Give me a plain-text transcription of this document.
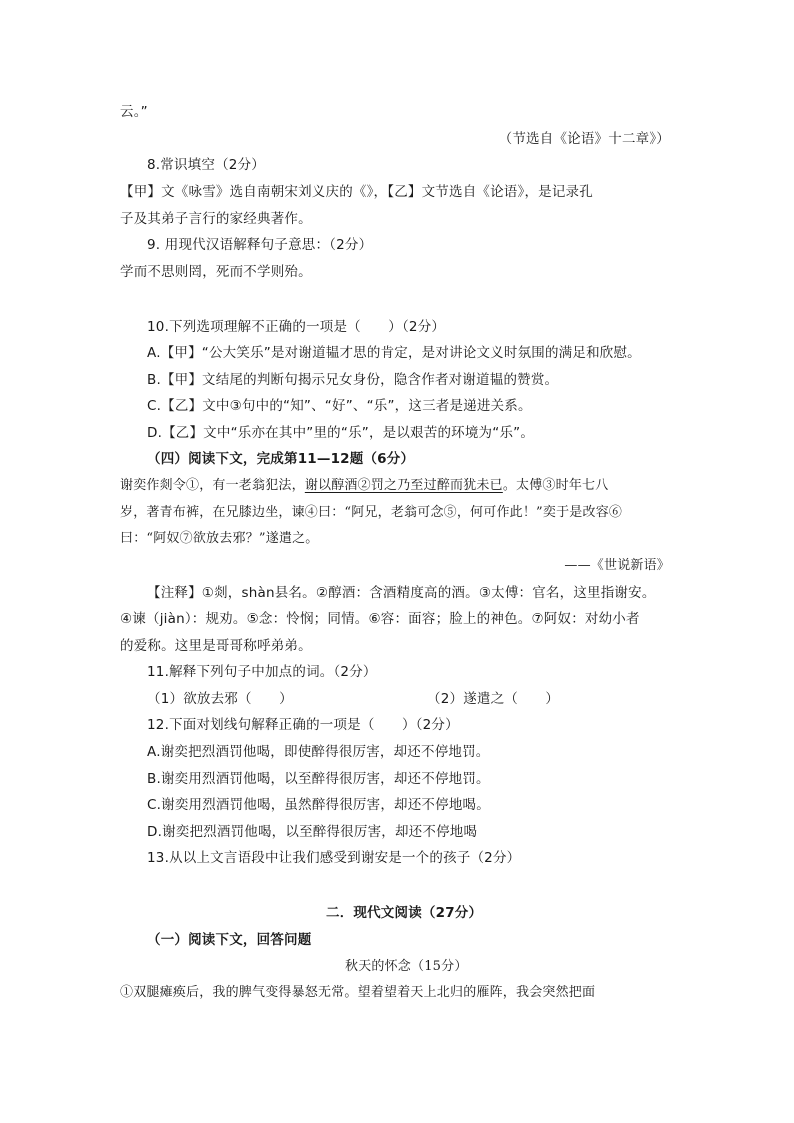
云。”
（节选自《论语》十二章》）
8.常识填空（2分）
【甲】文《咏雪》选自南朝宋刘义庆的《》，【乙】文节选自《论语》，是记录孔
子及其弟子言行的家经典著作。
9. 用现代汉语解释句子意思：（2分）
学而不思则罔，死而不学则殆。
10.下列选项理解不正确的一项是（　　）（2分）
A.【甲】“公大笑乐”是对谢道韫才思的肯定，是对讲论文义时氛围的满足和欣慰。
B.【甲】文结尾的判断句揭示兄女身份，隐含作者对谢道韫的赞赏。
C.【乙】文中③句中的“知”、“好”、“乐”，这三者是递进关系。
D.【乙】文中“乐亦在其中”里的“乐”，是以艰苦的环境为“乐”。
（四）阅读下文，完成第11—12题（6分）
谢奕作剡令①，有一老翁犯法，谢以醇酒②罚之乃至过醉而犹未已。太傅③时年七八
岁，著青布裤，在兄膝边坐，谏④曰：“阿兄，老翁可念⑤，何可作此！”奕于是改容⑥
曰：“阿奴⑦欲放去邪？”遂遣之。
——《世说新语》
【注释】①剡，shàn县名。②醇酒：含酒精度高的酒。③太傅：官名，这里指谢安。
④谏（jiàn）：规劝。⑤念：怜悯；同情。⑥容：面容；脸上的神色。⑦阿奴：对幼小者
的爱称。这里是哥哥称呼弟弟。
11.解释下列句子中加点的词。（2分）
（1）欲放去邪（　　）	（2）遂遣之（　　）
12.下面对划线句解释正确的一项是（　　）（2分）
A.谢奕把烈酒罚他喝，即使醉得很厉害，却还不停地罚。
B.谢奕用烈酒罚他喝，以至醉得很厉害，却还不停地罚。
C.谢奕用烈酒罚他喝，虽然醉得很厉害，却还不停地喝。
D.谢奕把烈酒罚他喝，以至醉得很厉害，却还不停地喝
13.从以上文言语段中让我们感受到谢安是一个的孩子（2分）
二．现代文阅读（27分）
（一）阅读下文，回答问题
秋天的怀念（15分）
①双腿瘫痪后，我的脾气变得暴怒无常。望着望着天上北归的雁阵，我会突然把面
